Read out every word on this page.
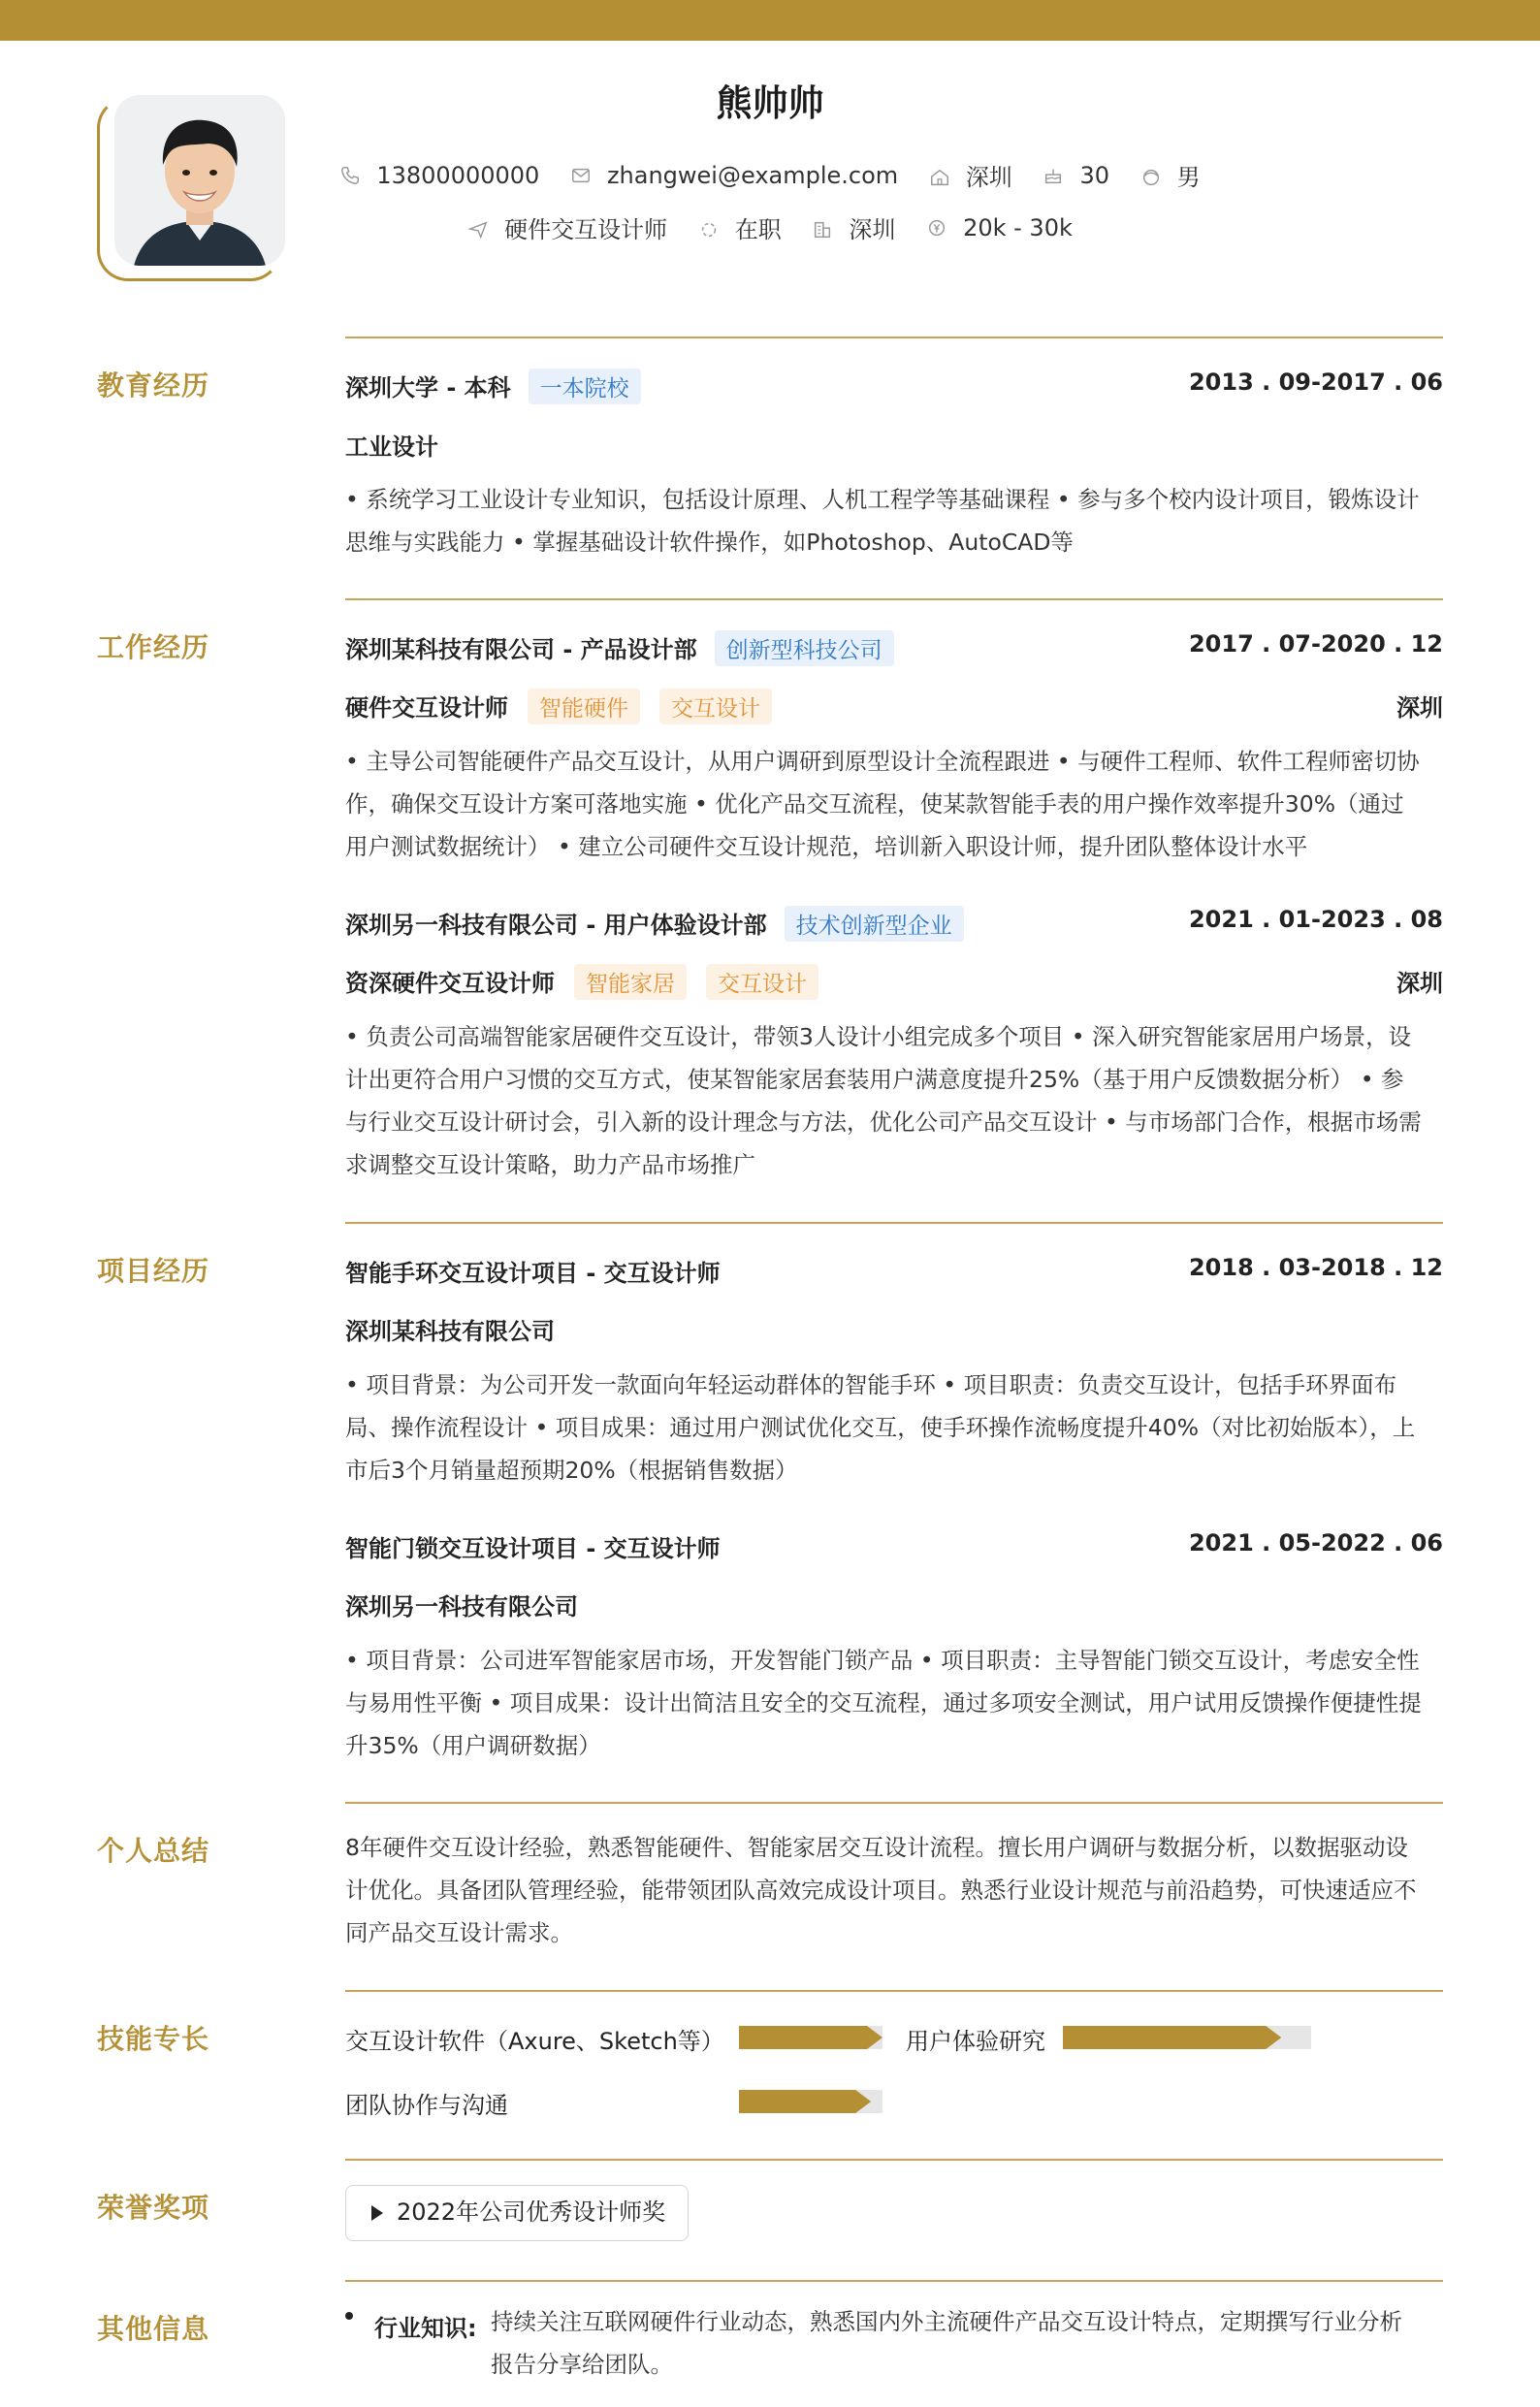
熊帅帅
13800000000	zhangwei@example.com	深圳	30	男
硬件交互设计师	在职	深圳	20k - 30k
教育经历	深圳大学 - 本科 一本院校	2013 . 09-2017 . 06
工业设计
• 系统学习工业设计专业知识，包括设计原理、人机工程学等基础课程 • 参与多个校内设计项目，锻炼设计
思维与实践能力 • 掌握基础设计软件操作，如Photoshop、AutoCAD等
工作经历	深圳某科技有限公司 - 产品设计部 创新型科技公司	2017 . 07-2020 . 12
硬件交互设计师 智能硬件 交互设计	深圳
• 主导公司智能硬件产品交互设计，从用户调研到原型设计全流程跟进 • 与硬件工程师、软件工程师密切协
作，确保交互设计方案可落地实施 • 优化产品交互流程，使某款智能手表的用户操作效率提升30%（通过
用户测试数据统计） • 建立公司硬件交互设计规范，培训新入职设计师，提升团队整体设计水平
深圳另一科技有限公司 - 用户体验设计部 技术创新型企业	2021 . 01-2023 . 08
资深硬件交互设计师 智能家居 交互设计	深圳
• 负责公司高端智能家居硬件交互设计，带领3人设计小组完成多个项目 • 深入研究智能家居用户场景，设
计出更符合用户习惯的交互方式，使某智能家居套装用户满意度提升25%（基于用户反馈数据分析） • 参
与行业交互设计研讨会，引入新的设计理念与方法，优化公司产品交互设计 • 与市场部门合作，根据市场需
求调整交互设计策略，助力产品市场推广
项目经历	智能手环交互设计项目 - 交互设计师	2018 . 03-2018 . 12
深圳某科技有限公司
• 项目背景：为公司开发一款面向年轻运动群体的智能手环 • 项目职责：负责交互设计，包括手环界面布
局、操作流程设计 • 项目成果：通过用户测试优化交互，使手环操作流畅度提升40%（对比初始版本），上
市后3个月销量超预期20%（根据销售数据）
智能门锁交互设计项目 - 交互设计师	2021 . 05-2022 . 06
深圳另一科技有限公司
• 项目背景：公司进军智能家居市场，开发智能门锁产品 • 项目职责：主导智能门锁交互设计，考虑安全性
与易用性平衡 • 项目成果：设计出简洁且安全的交互流程，通过多项安全测试，用户试用反馈操作便捷性提
升35%（用户调研数据）
个人总结	8年硬件交互设计经验，熟悉智能硬件、智能家居交互设计流程。擅长用户调研与数据分析，以数据驱动设
计优化。具备团队管理经验，能带领团队高效完成设计项目。熟悉行业设计规范与前沿趋势，可快速适应不
同产品交互设计需求。
技能专长	交互设计软件（Axure、Sketch等）	用户体验研究
团队协作与沟通
荣誉奖项	2022年公司优秀设计师奖
其他信息	行业知识: 持续关注互联网硬件行业动态，熟悉国内外主流硬件产品交互设计特点，定期撰写行业分析
报告分享给团队。
